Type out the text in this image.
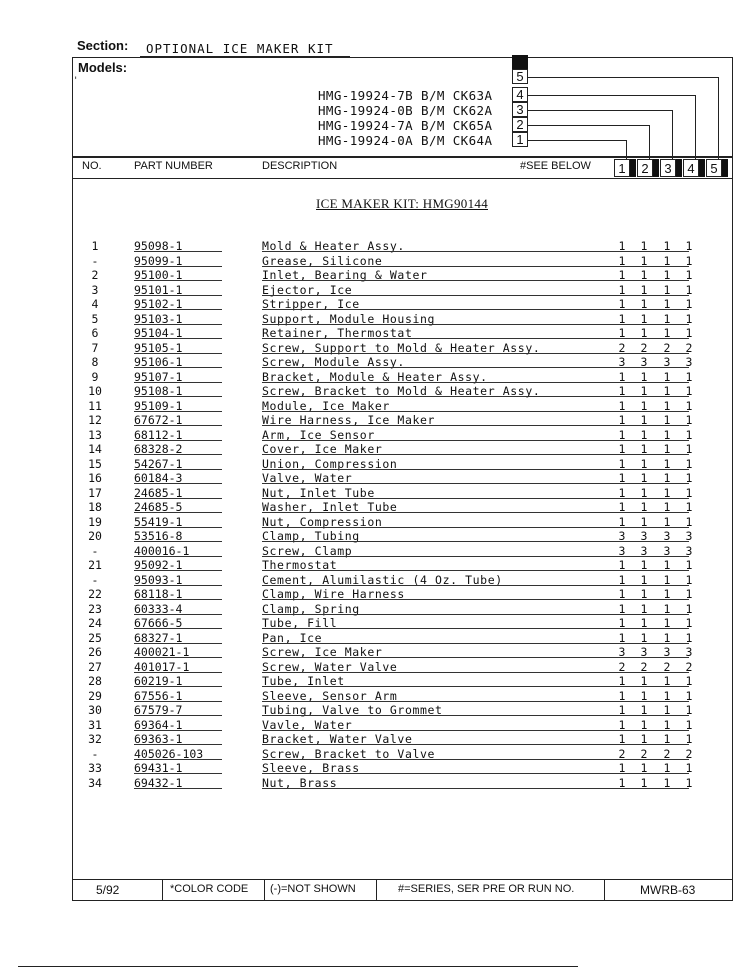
Section: OPTIONAL ICE MAKER KIT
Models:
'
HMG-19924-7B B/M CK63A
HMG-19924-0B B/M CK62A
HMG-19924-7A B/M CK65A
HMG-19924-0A B/M CK64A
5
4
3
2
1
NO.	PART NUMBER	DESCRIPTION	#SEE BELOW	1	2	3	4	5
ICE MAKER KIT: HMG90144
1	95098-1	Mold & Heater Assy.	1 1 1 1
-	95099-1	Grease, Silicone	1 1 1 1
2	95100-1	Inlet, Bearing & Water	1 1 1 1
3	95101-1	Ejector, Ice	1 1 1 1
4	95102-1	Stripper, Ice	1 1 1 1
5	95103-1	Support, Module Housing	1 1 1 1
6	95104-1	Retainer, Thermostat	1 1 1 1
7	95105-1	Screw, Support to Mold & Heater Assy.	2 2 2 2
8	95106-1	Screw, Module Assy.	3 3 3 3
9	95107-1	Bracket, Module & Heater Assy.	1 1 1 1
10	95108-1	Screw, Bracket to Mold & Heater Assy.	1 1 1 1
11	95109-1	Module, Ice Maker	1 1 1 1
12	67672-1	Wire Harness, Ice Maker	1 1 1 1
13	68112-1	Arm, Ice Sensor	1 1 1 1
14	68328-2	Cover, Ice Maker	1 1 1 1
15	54267-1	Union, Compression	1 1 1 1
16	60184-3	Valve, Water	1 1 1 1
17	24685-1	Nut, Inlet Tube	1 1 1 1
18	24685-5	Washer, Inlet Tube	1 1 1 1
19	55419-1	Nut, Compression	1 1 1 1
20	53516-8	Clamp, Tubing	3 3 3 3
-	400016-1	Screw, Clamp	3 3 3 3
21	95092-1	Thermostat	1 1 1 1
-	95093-1	Cement, Alumilastic (4 Oz. Tube)	1 1 1 1
22	68118-1	Clamp, Wire Harness	1 1 1 1
23	60333-4	Clamp, Spring	1 1 1 1
24	67666-5	Tube, Fill	1 1 1 1
25	68327-1	Pan, Ice	1 1 1 1
26	400021-1	Screw, Ice Maker	3 3 3 3
27	401017-1	Screw, Water Valve	2 2 2 2
28	60219-1	Tube, Inlet	1 1 1 1
29	67556-1	Sleeve, Sensor Arm	1 1 1 1
30	67579-7	Tubing, Valve to Grommet	1 1 1 1
31	69364-1	Vavle, Water	1 1 1 1
32	69363-1	Bracket, Water Valve	1 1 1 1
-	405026-103	Screw, Bracket to Valve	2 2 2 2
33	69431-1	Sleeve, Brass	1 1 1 1
34	69432-1	Nut, Brass	1 1 1 1
5/92	*COLOR CODE (-)=NOT SHOWN	#=SERIES, SER PRE OR RUN NO.	MWRB-63
